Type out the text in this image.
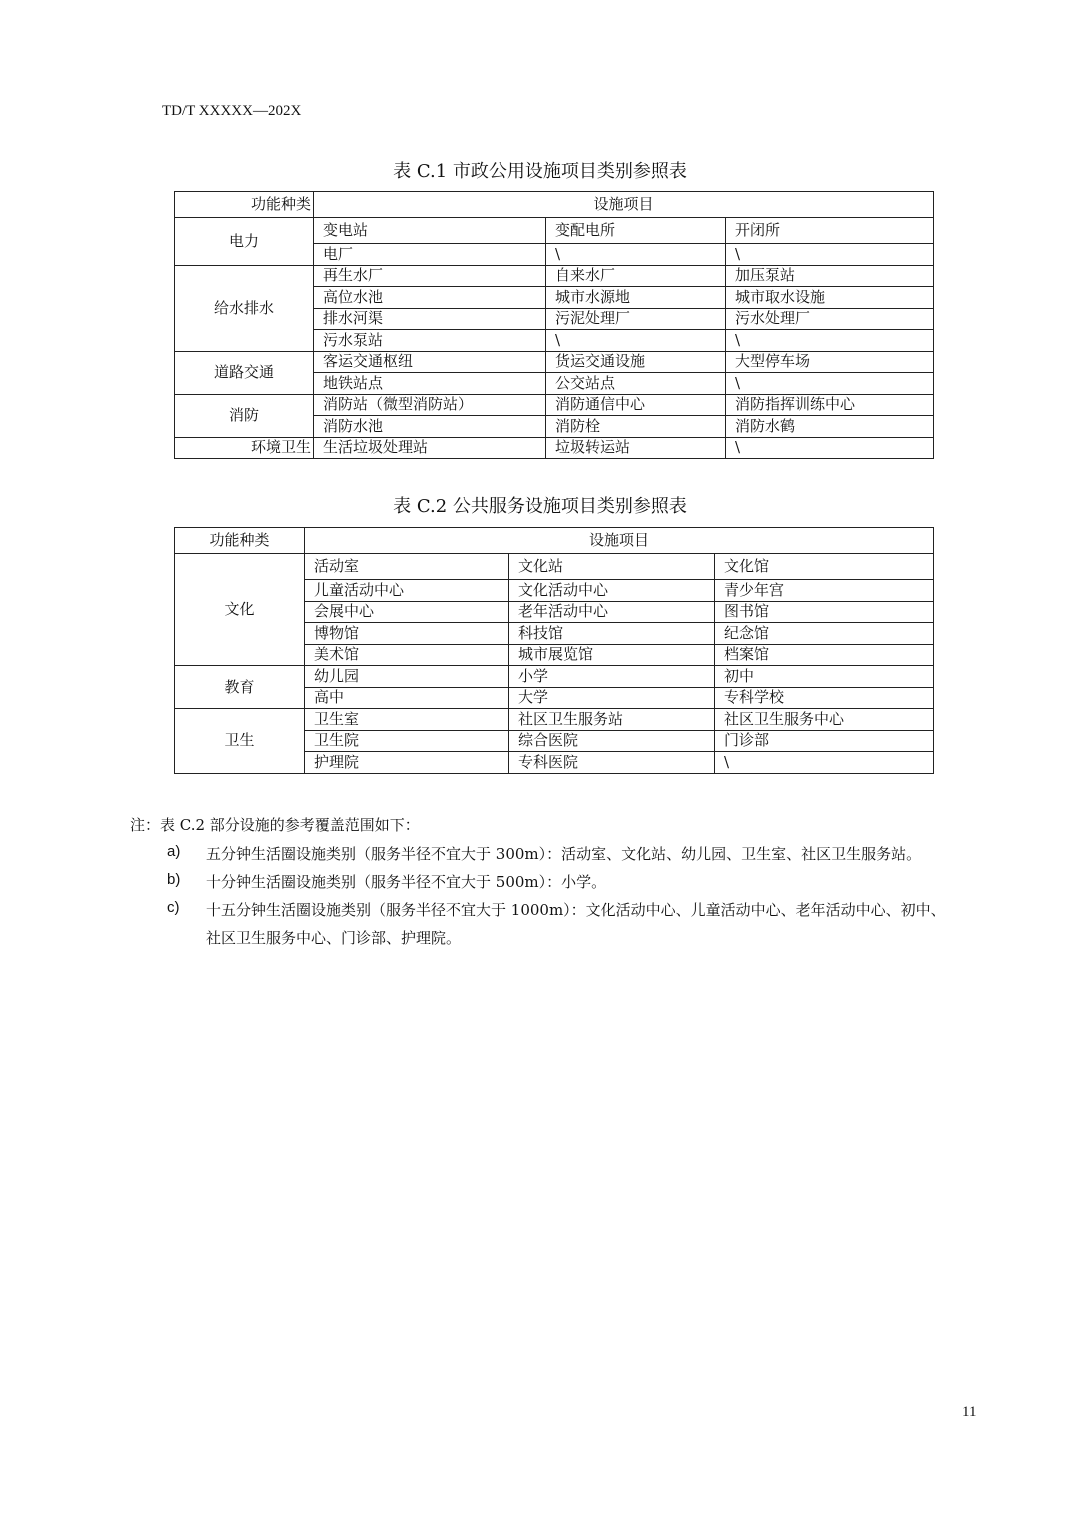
TD/T XXXXX—202X
表 C.1 市政公用设施项目类别参照表
功能种类	设施项目		
电力	变电站	变配电所	开闭所
	电厂	\	\
给水排水	再生水厂	自来水厂	加压泵站
	高位水池	城市水源地	城市取水设施
	排水河渠	污泥处理厂	污水处理厂
	污水泵站	\	\
道路交通	客运交通枢纽	货运交通设施	大型停车场
	地铁站点	公交站点	\
消防	消防站（微型消防站）	消防通信中心	消防指挥训练中心
	消防水池	消防栓	消防水鹤
环境卫生	生活垃圾处理站	垃圾转运站	\
表 C.2 公共服务设施项目类别参照表
功能种类	设施项目		
文化	活动室	文化站	文化馆
	儿童活动中心	文化活动中心	青少年宫
	会展中心	老年活动中心	图书馆
	博物馆	科技馆	纪念馆
	美术馆	城市展览馆	档案馆
教育	幼儿园	小学	初中
	高中	大学	专科学校
卫生	卫生室	社区卫生服务站	社区卫生服务中心
	卫生院	综合医院	门诊部
	护理院	专科医院	\
注：表 C.2 部分设施的参考覆盖范围如下：
a) 五分钟生活圈设施类别（服务半径不宜大于 300m）：活动室、文化站、幼儿园、卫生室、社区卫生服务站。
b) 十分钟生活圈设施类别（服务半径不宜大于 500m）：小学。
c) 十五分钟生活圈设施类别（服务半径不宜大于 1000m）：文化活动中心、儿童活动中心、老年活动中心、初中、
社区卫生服务中心、门诊部、护理院。
11
